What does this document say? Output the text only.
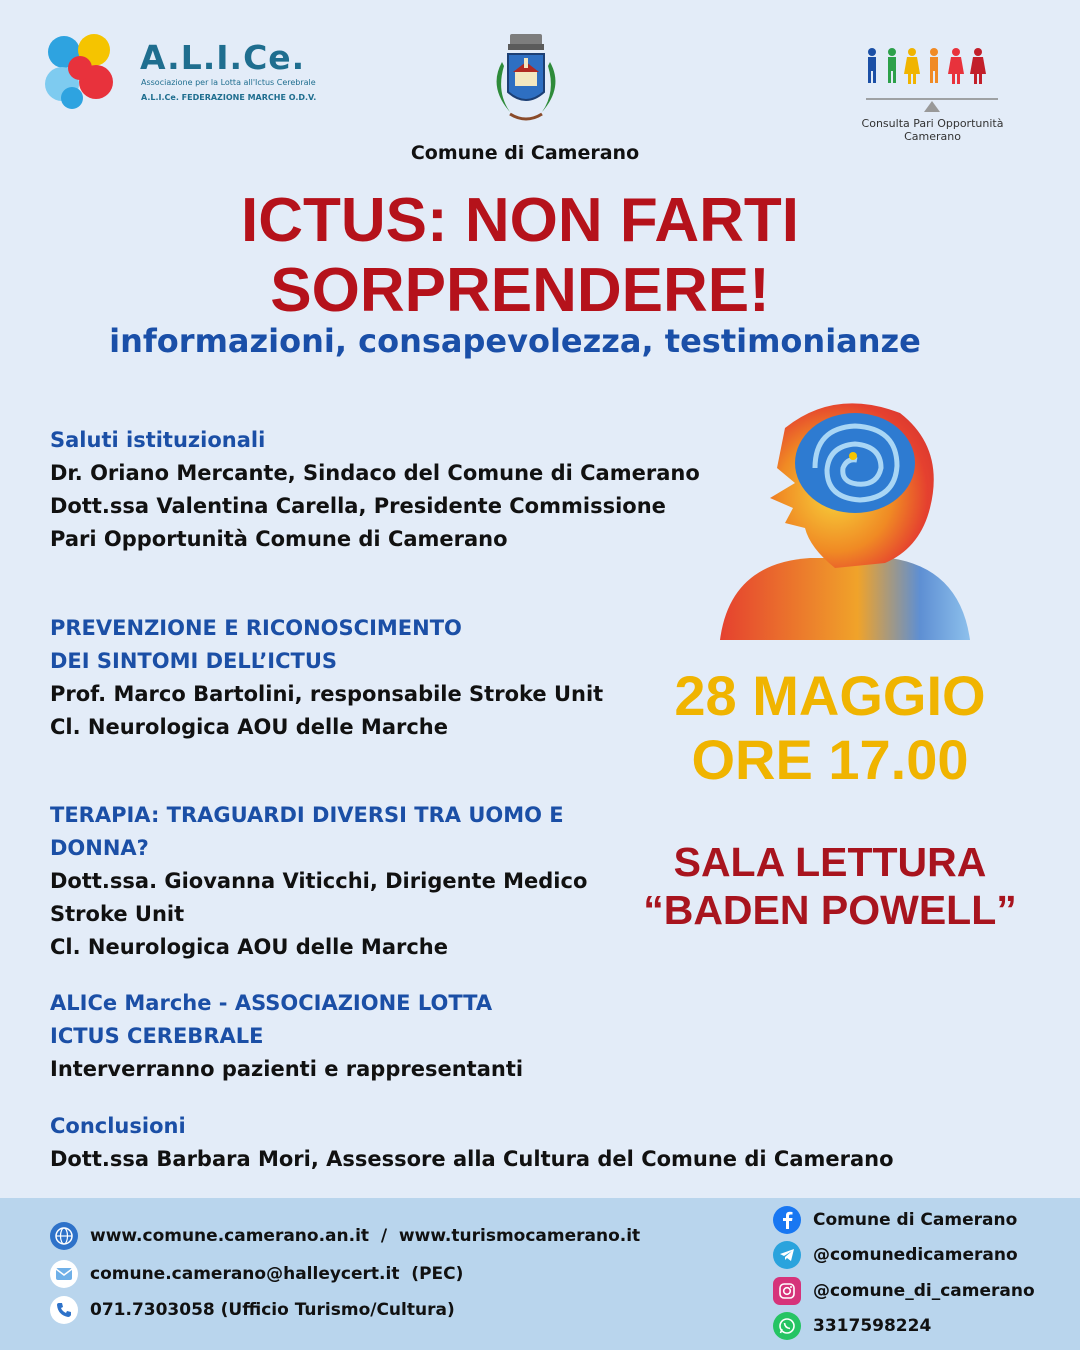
A.L.I.Ce.
Associazione per la Lotta all'Ictus Cerebrale
A.L.I.Ce. FEDERAZIONE MARCHE O.D.V.
Comune di Camerano
Consulta Pari Opportunità
Camerano
ICTUS: NON FARTI
SORPRENDERE!
informazioni, consapevolezza, testimonianze
Saluti istituzionali
Dr. Oriano Mercante, Sindaco del Comune di Camerano
Dott.ssa Valentina Carella, Presidente Commissione
Pari Opportunità Comune di Camerano
PREVENZIONE E RICONOSCIMENTO
DEI SINTOMI DELL’ICTUS
Prof. Marco Bartolini, responsabile Stroke Unit
Cl. Neurologica AOU delle Marche
TERAPIA: TRAGUARDI DIVERSI TRA UOMO E
DONNA?
Dott.ssa. Giovanna Viticchi, Dirigente Medico
Stroke Unit
Cl. Neurologica AOU delle Marche
ALICe Marche - ASSOCIAZIONE LOTTA
ICTUS CEREBRALE
Interverranno pazienti e rappresentanti
Conclusioni
Dott.ssa Barbara Mori, Assessore alla Cultura del Comune di Camerano
28 MAGGIO
ORE 17.00
SALA LETTURA
“BADEN POWELL”
www.comune.camerano.an.it  /  www.turismocamerano.it
comune.camerano@halleycert.it  (PEC)
071.7303058 (Ufficio Turismo/Cultura)
Comune di Camerano
@comunedicamerano
@comune_di_camerano
3317598224
